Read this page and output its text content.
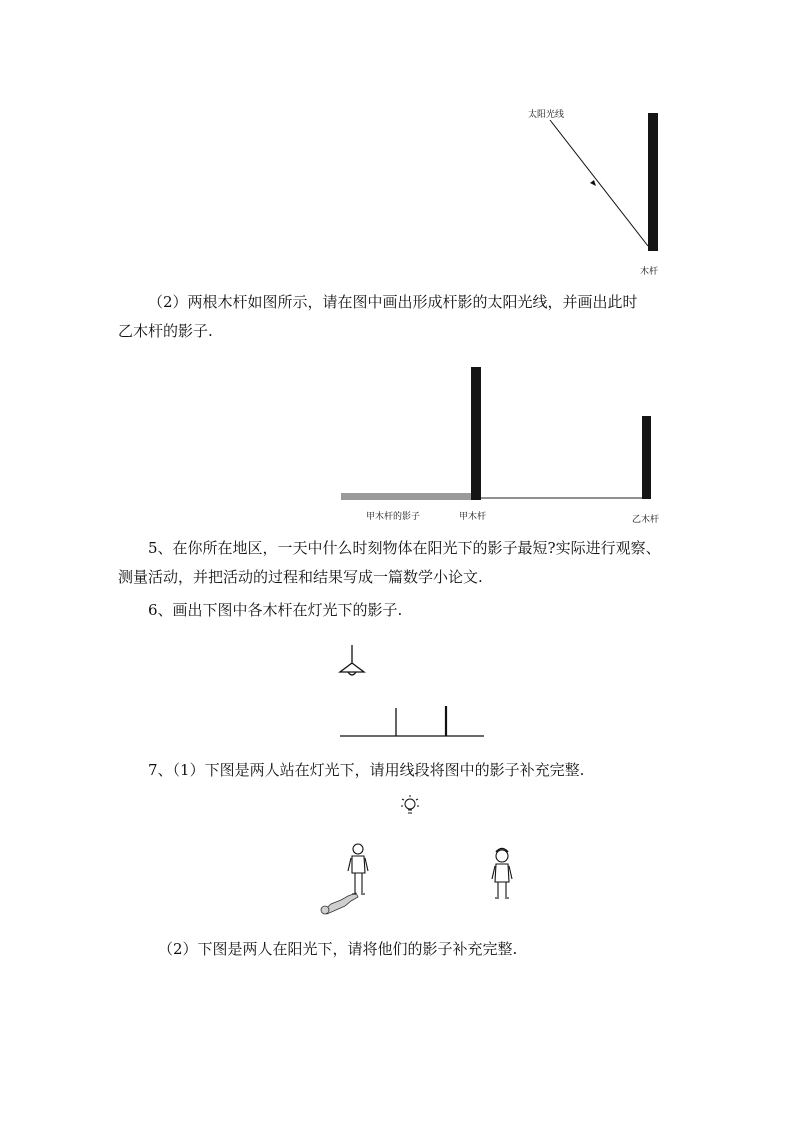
太阳光线
木杆
（2）两根木杆如图所示，请在图中画出形成杆影的太阳光线，并画出此时
乙木杆的影子.
甲木杆的影子	甲木杆	乙木杆
5、在你所在地区，一天中什么时刻物体在阳光下的影子最短?实际进行观察、
测量活动，并把活动的过程和结果写成一篇数学小论文.
6、画出下图中各木杆在灯光下的影子.
7、（1）下图是两人站在灯光下，请用线段将图中的影子补充完整.
（2）下图是两人在阳光下，请将他们的影子补充完整.
